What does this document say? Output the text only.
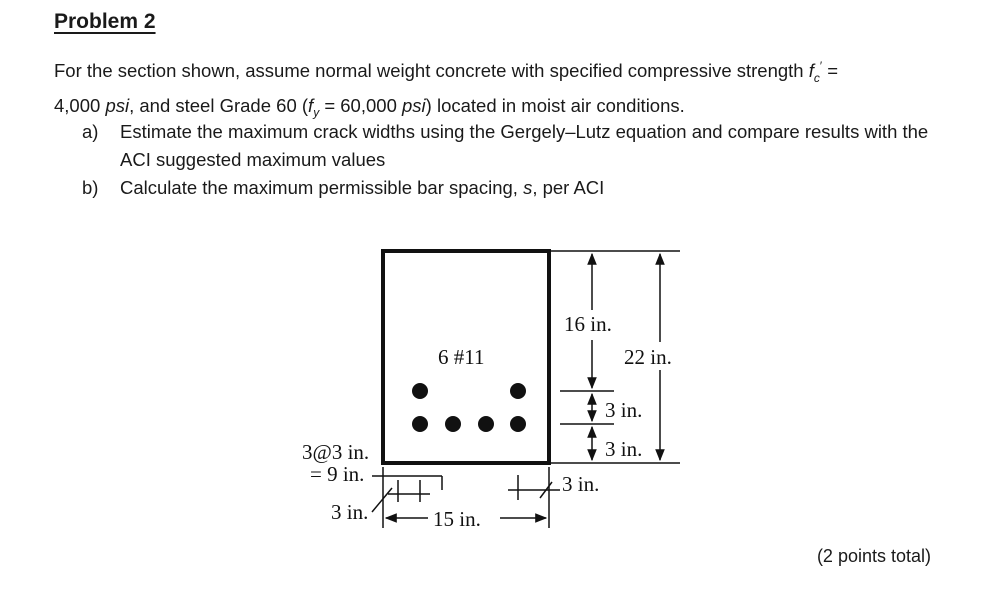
Problem 2
For the section shown, assume normal weight concrete with specified compressive strength $f_c'$ =
4,000 psi, and steel Grade 60 ($f_y = 60,000$ psi) located in moist air conditions.
a) Estimate the maximum crack widths using the Gergely–Lutz equation and compare results with the ACI suggested maximum values
b) Calculate the maximum permissible bar spacing, s, per ACI
6 #11
16 in.
22 in.
3 in.
3 in.
3@3 in.
= 9 in.
3 in.	15 in.
3 in.
(2 points total)
